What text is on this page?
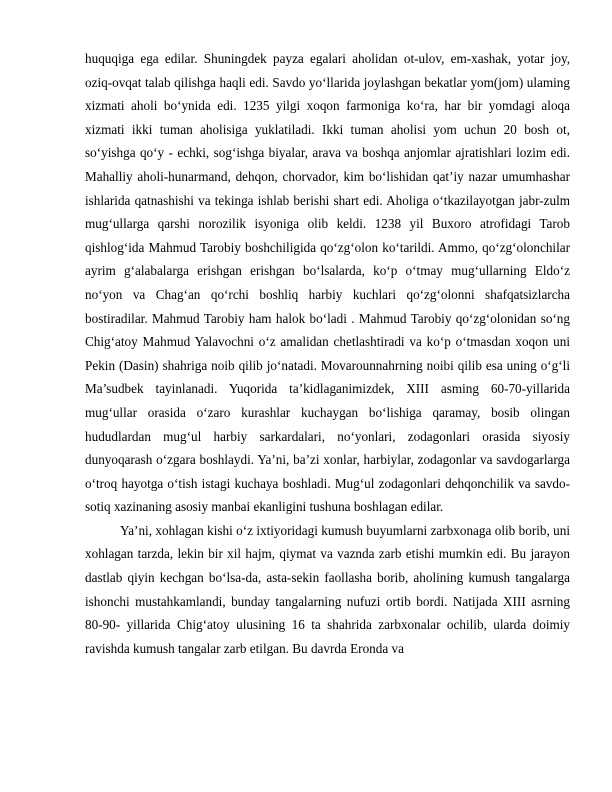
huquqiga ega edilar. Shuningdek payza egalari aholidan ot-ulov, em-xashak, yotar joy, oziq-ovqat talab qilishga haqli edi. Savdo yo‘llarida joylashgan bekatlar yom(jom) ulaming xizmati aholi bo‘ynida edi. 1235 yilgi xoqon farmoniga ko‘ra, har bir yomdagi aloqa xizmati ikki tuman aholisiga yuklatiladi. Ikki tuman aholisi yom uchun 20 bosh ot, so‘yishga qo‘y - echki, sog‘ishga biyalar, arava va boshqa anjomlar ajratishlari lozim edi. Mahalliy aholi-hunarmand, dehqon, chorvador, kim bo‘lishidan qat’iy nazar umumhashar ishlarida qatnashishi va tekinga ishlab berishi shart edi. Aholiga o‘tkazilayotgan jabr-zulm mug‘ullarga qarshi norozilik isyoniga olib keldi. 1238 yil Buxoro atrofidagi Tarob qishlog‘ida Mahmud Tarobiy boshchiligida qo‘zg‘olon ko‘tarildi. Ammo, qo‘zg‘olonchilar ayrim g‘alabalarga erishgan erishgan bo‘lsalarda, ko‘p o‘tmay mug‘ullarning Eldo‘z no‘yon va Chag‘an qo‘rchi boshliq harbiy kuchlari qo‘zg‘olonni shafqatsizlarcha bostiradilar. Mahmud Tarobiy ham halok bo‘ladi . Mahmud Tarobiy qo‘zg‘olonidan so‘ng Chig‘atoy Mahmud Yalavochni o‘z amalidan chetlashtiradi va ko‘p o‘tmasdan xoqon uni Pekin (Dasin) shahriga noib qilib jo‘natadi. Movarounnahrning noibi qilib esa uning o‘g‘li Ma’sudbek tayinlanadi. Yuqorida ta’kidlaganimizdek, XIII asming 60-70-yillarida mug‘ullar orasida o‘zaro kurashlar kuchaygan bo‘lishiga qaramay, bosib olingan hududlardan mug‘ul harbiy sarkardalari, no‘yonlari, zodagonlari orasida siyosiy dunyoqarash o‘zgara boshlaydi. Ya’ni, ba’zi xonlar, harbiylar, zodagonlar va savdogarlarga o‘troq hayotga o‘tish istagi kuchaya boshladi. Mug‘ul zodagonlari dehqonchilik va savdo-sotiq xazinaning asosiy manbai ekanligini tushuna boshlagan edilar.

Ya’ni, xohlagan kishi o‘z ixtiyoridagi kumush buyumlarni zarbxonaga olib borib, uni xohlagan tarzda, lekin bir xil hajm, qiymat va vaznda zarb etishi mumkin edi. Bu jarayon dastlab qiyin kechgan bo‘lsa-da, asta-sekin faollasha borib, aholining kumush tangalarga ishonchi mustahkamlandi, bunday tangalarning nufuzi ortib bordi. Natijada XIII asrning 80-90- yillarida Chig‘atoy ulusining 16 ta shahrida zarbxonalar ochilib, ularda doimiy ravishda kumush tangalar zarb etilgan. Bu davrda Eronda va
